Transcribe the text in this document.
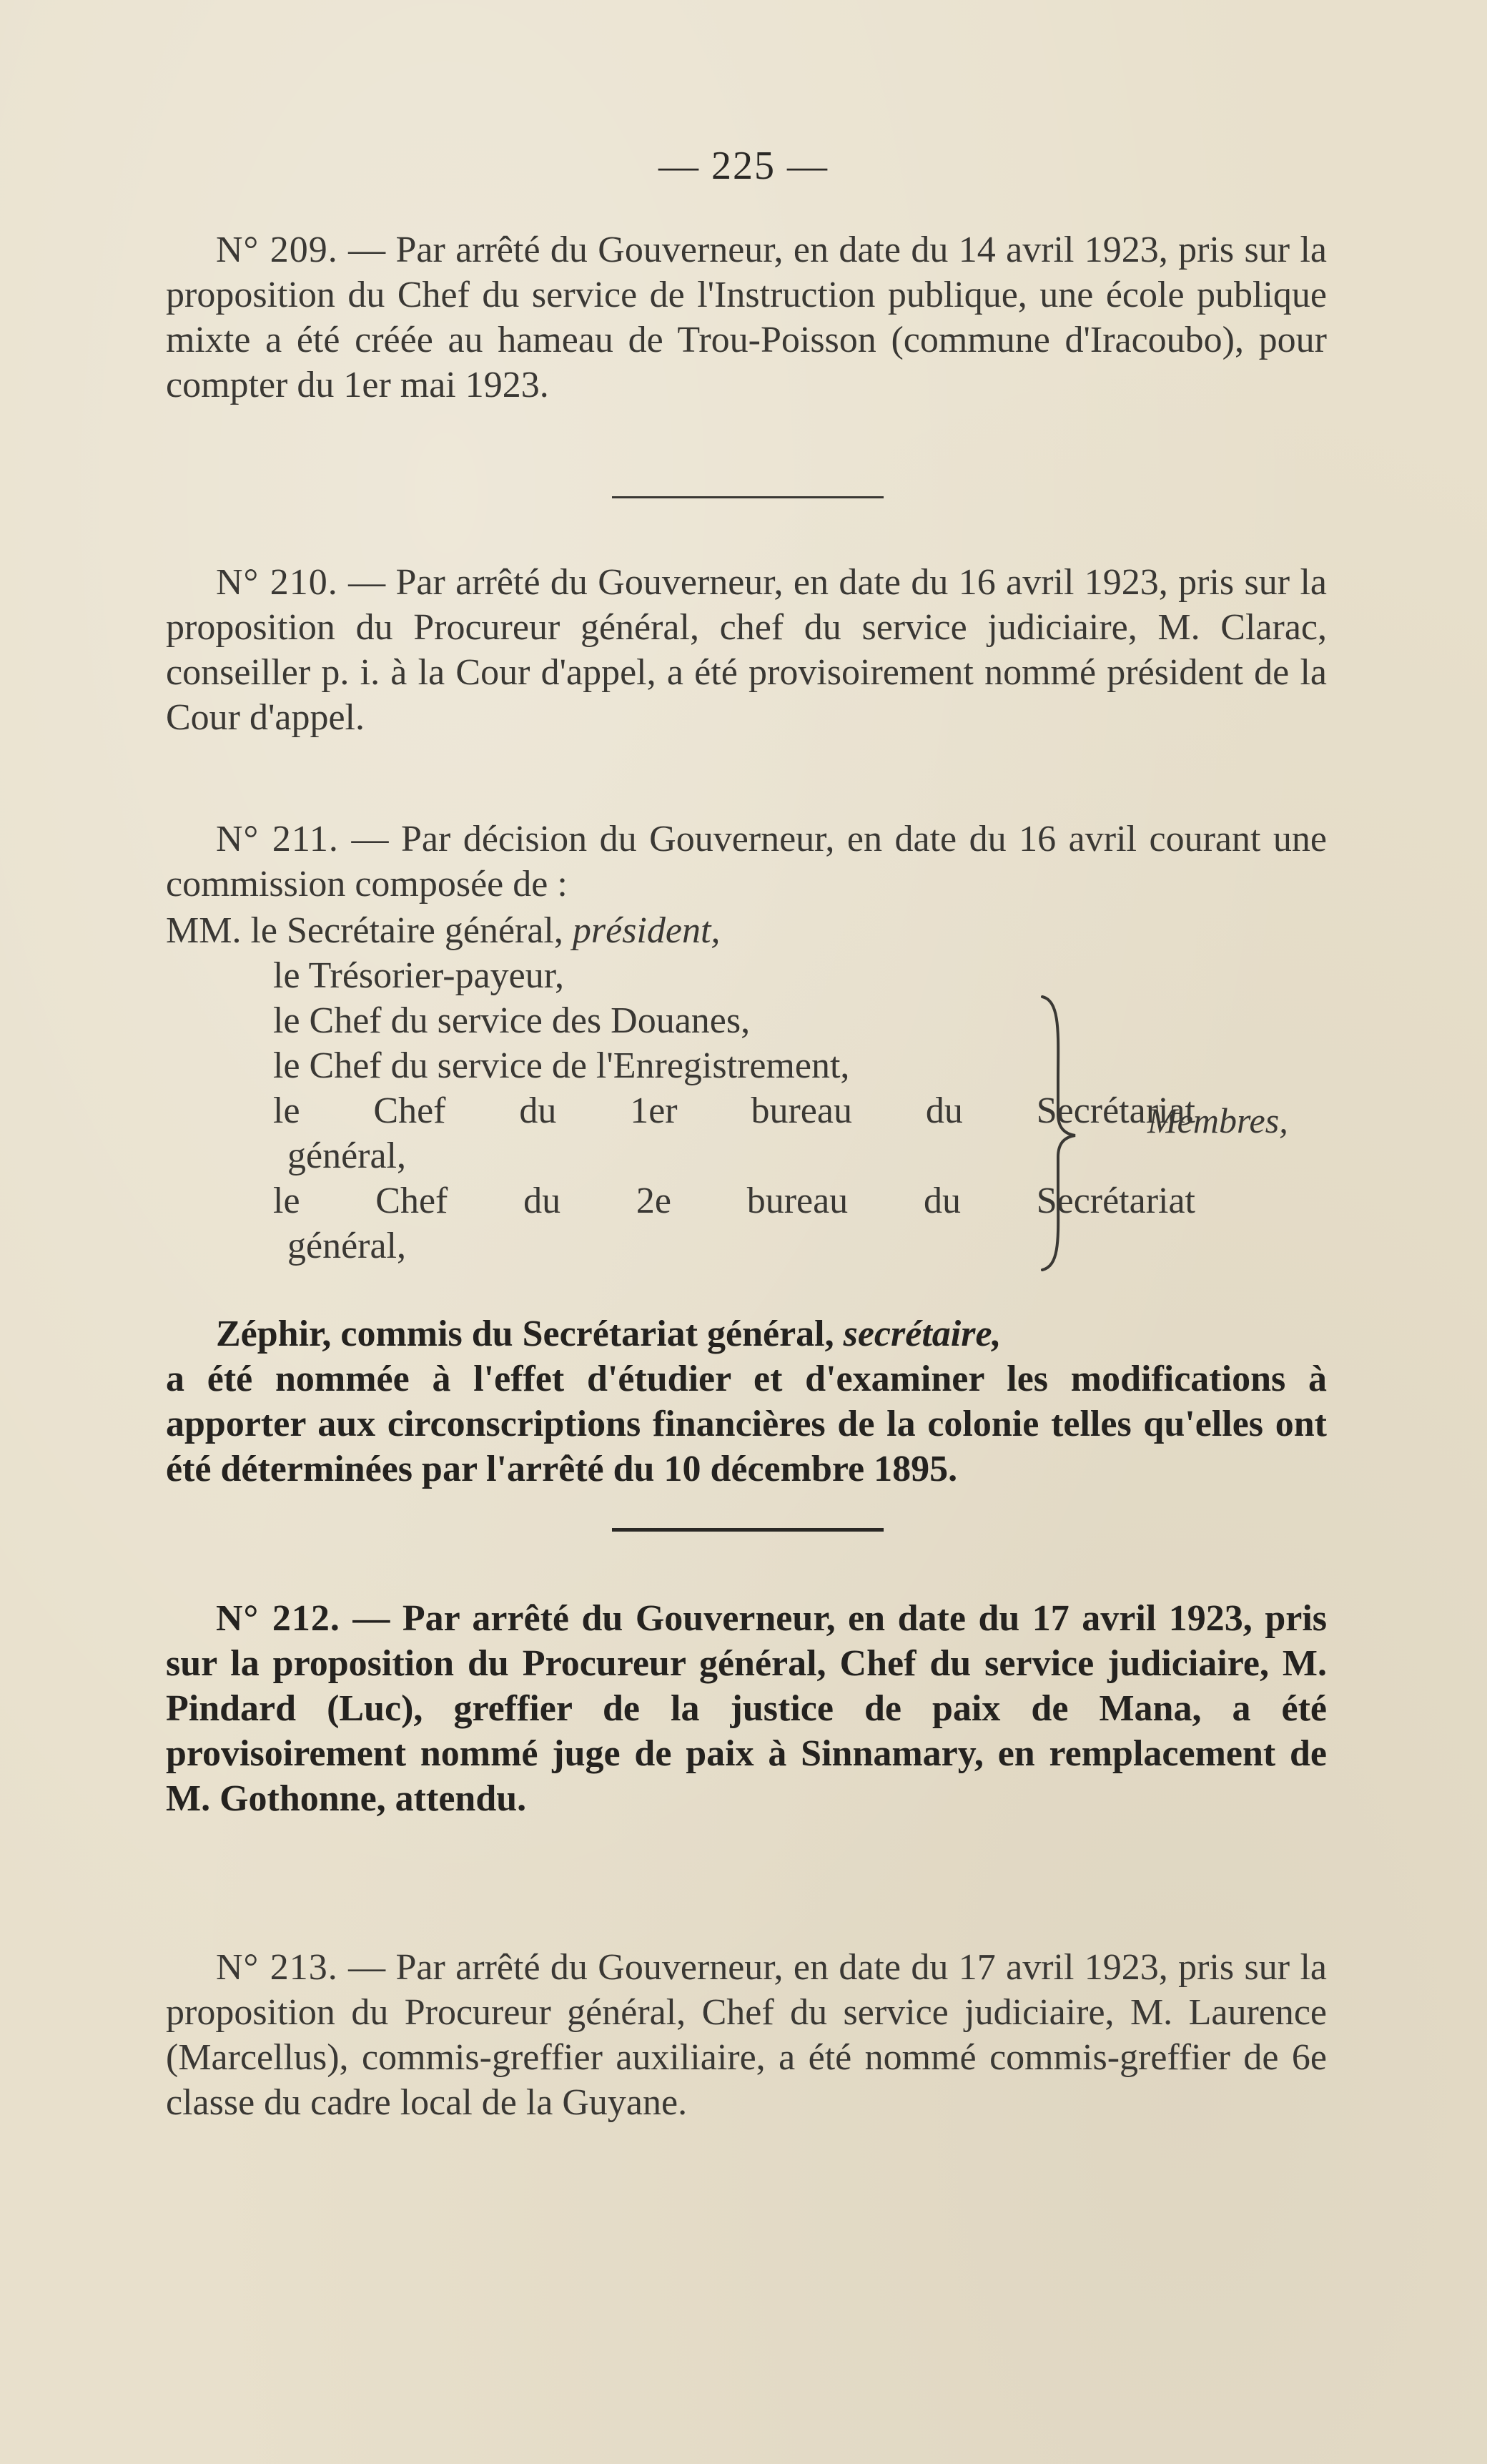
— 225 —

N° 209. — Par arrêté du Gouverneur, en date du 14 avril 1923, pris sur la proposition du Chef du service de l'Instruction publique, une école publique mixte a été créée au hameau de Trou-Poisson (commune d'Iracoubo), pour compter du 1er mai 1923.

N° 210. — Par arrêté du Gouverneur, en date du 16 avril 1923, pris sur la proposition du Procureur général, chef du service judiciaire, M. Clarac, conseiller p. i. à la Cour d'appel, a été provisoirement nommé président de la Cour d'appel.

N° 211. — Par décision du Gouverneur, en date du 16 avril courant une commission composée de :

MM. le Secrétaire général, président,
le Trésorier-payeur,
le Chef du service des Douanes,
le Chef du service de l'Enregistrement,
le Chef du 1er bureau du Secrétariat
général,
le Chef du 2e bureau du Secrétariat
général,
Membres,

Zéphir, commis du Secrétariat général, secrétaire,

a été nommée à l'effet d'étudier et d'examiner les modifications à apporter aux circonscriptions financières de la colonie telles qu'elles ont été déterminées par l'arrêté du 10 décembre 1895.

N° 212. — Par arrêté du Gouverneur, en date du 17 avril 1923, pris sur la proposition du Procureur général, Chef du service judiciaire, M. Pindard (Luc), greffier de la justice de paix de Mana, a été provisoirement nommé juge de paix à Sinnamary, en remplacement de M. Gothonne, attendu.

N° 213. — Par arrêté du Gouverneur, en date du 17 avril 1923, pris sur la proposition du Procureur général, Chef du service judiciaire, M. Laurence (Marcellus), commis-greffier auxiliaire, a été nommé commis-greffier de 6e classe du cadre local de la Guyane.
